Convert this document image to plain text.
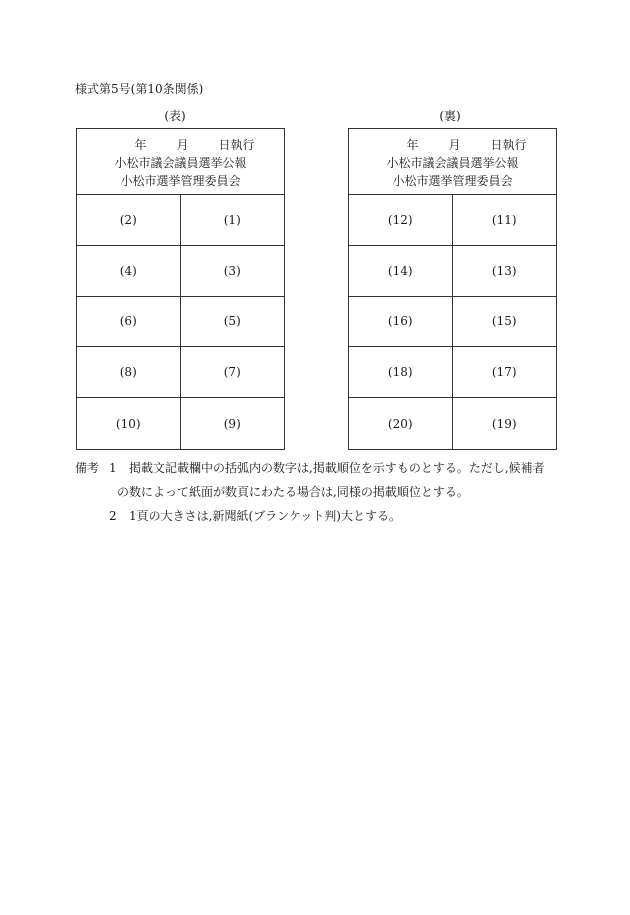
様式第5号(第10条関係)
(表)	(裏)
年	月	日執行
小松市議会議員選挙公報
小松市選挙管理委員会
(2)	(1)
(4)	(3)
(6)	(5)
(8)	(7)
(10)	(9)
年	月	日執行
小松市議会議員選挙公報
小松市選挙管理委員会
(12)	(11)
(14)	(13)
(16)	(15)
(18)	(17)
(20)	(19)
備考 1	掲載文記載欄中の括弧内の数字は,掲載順位を示すものとする。ただし,候補者
の数によって紙面が数頁にわたる場合は,同様の掲載順位とする。
2	1頁の大きさは,新聞紙(ブランケット判)大とする。
